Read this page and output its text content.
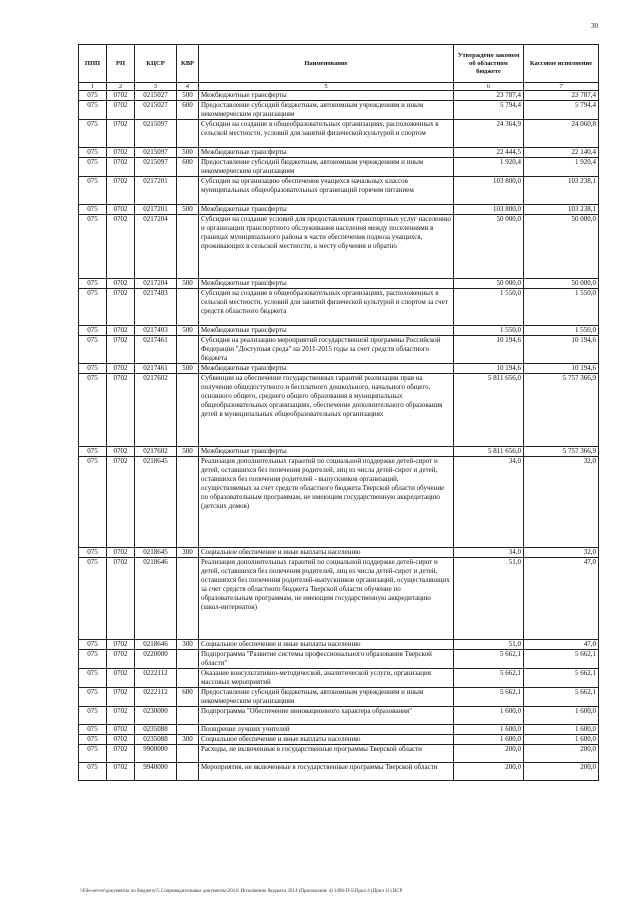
30
ППП	РП	КЦСР	КВР	Наименование	Утверждено законом об областном бюджете	Кассовое исполнение
1	2	3	4	5	6	7
075	0702	0215027	500	Межбюджетные трансферты	23 787,4	23 787,4
075	0702	0215027	600	Предоставление субсидий бюджетным, автономным учреждениям и иным некоммерческим организациям	5 794,4	5 794,4
075	0702	0215097		Субсидии на создание в общеобразовательных организациях, расположенных в сельской местности, условий для занятий физической культурой и спортом	24 364,9	24 060,8
075	0702	0215097	500	Межбюджетные трансферты	22 444,5	22 140,4
075	0702	0215097	600	Предоставление субсидий бюджетным, автономным учреждениям и иным некоммерческим организациям	1 920,4	1 920,4
075	0702	0217201		Субсидии на организацию обеспечения учащихся начальных классов муниципальных общеобразовательных организаций горячим питанием	103 800,0	103 238,1
075	0702	0217201	500	Межбюджетные трансферты	103 800,0	103 238,1
075	0702	0217204		Субсидии на создание условий для предоставления транспортных услуг населению и организации транспортного обслуживания населения между поселениями в границах муниципального района в части обеспечения подвоза учащихся, проживающих в сельской местности, к месту обучения и обратно	50 000,0	50 000,0
075	0702	0217204	500	Межбюджетные трансферты	50 000,0	50 000,0
075	0702	0217403		Субсидии на создание в общеобразовательных организациях, расположенных в сельской местности, условий для занятий физической культурой и спортом за счет средств областного бюджета	1 550,0	1 550,0
075	0702	0217403	500	Межбюджетные трансферты	1 550,0	1 550,0
075	0702	0217461		Субсидия на реализацию мероприятий государственной программы Российской Федерации "Доступная среда" на 2011-2015 годы за счет средств областного бюджета	10 194,6	10 194,6
075	0702	0217461	500	Межбюджетные трансферты	10 194,6	10 194,6
075	0702	0217602		Субвенции на обеспечение государственных гарантий реализации прав на получение общедоступного и бесплатного дошкольного, начального общего, основного общего, среднего общего образования в муниципальных общеобразовательных организациях, обеспечение дополнительного образования детей в муниципальных общеобразовательных организациях	5 811 656,0	5 757 366,9
075	0702	0217602	500	Межбюджетные трансферты	5 811 656,0	5 757 366,9
075	0702	0218645		Реализация дополнительных гарантий по социальной поддержке детей-сирот и детей, оставшихся без попечения родителей, лиц из числа детей-сирот и детей, оставшихся без попечения родителей - выпускников организаций, осуществляемых за счет средств областного бюджета Тверской области обучение по образовательным программам, не имеющим государственную аккредитацию (детских домов)	34,0	32,0
075	0702	0218645	300	Социальное обеспечение и иные выплаты населению	34,0	32,0
075	0702	0218646		Реализация дополнительных гарантий по социальной поддержке детей-сирот и детей, оставшихся без попечения родителей, лиц из числа детей-сирот и детей, оставшихся без попечения родителей-выпускников организаций, осуществляющих за счет средств областного бюджета Тверской области обучение по образовательным программам, не имеющим государственную аккредитацию (школ-интернатов)	51,0	47,0
075	0702	0218646	300	Социальное обеспечение и иные выплаты населению	51,0	47,0
075	0702	0220000		Подпрограмма "Развитие системы профессионального образования Тверской области"	5 662,1	5 662,1
075	0702	0222112		Оказание консультативно-методической, аналитической услуги, организация массовых мероприятий	5 662,1	5 662,1
075	0702	0222112	600	Предоставление субсидий бюджетным, автономным учреждениям и иным некоммерческим организациям	5 662,1	5 662,1
075	0702	0230000		Подпрограмма "Обеспечение инновационного характера образования"	1 600,0	1 600,0
075	0702	0235088		Поощрение лучших учителей	1 600,0	1 600,0
075	0702	0235088	300	Социальное обеспечение и иные выплаты населению	1 600,0	1 600,0
075	0702	9900000		Расходы, не включенные в государственные программы Тверской области	200,0	200,0
075	0702	9940000		Мероприятия, не включенные в государственные программы Тверской области	200,0	200,0
\\File-server\документы по бюджету\5 Сопроводительные документы\2014\ Исполнение бюджета 2014 (Приложение 4) 1496-П-5\Прил 4 (Прил 11) ВСР
